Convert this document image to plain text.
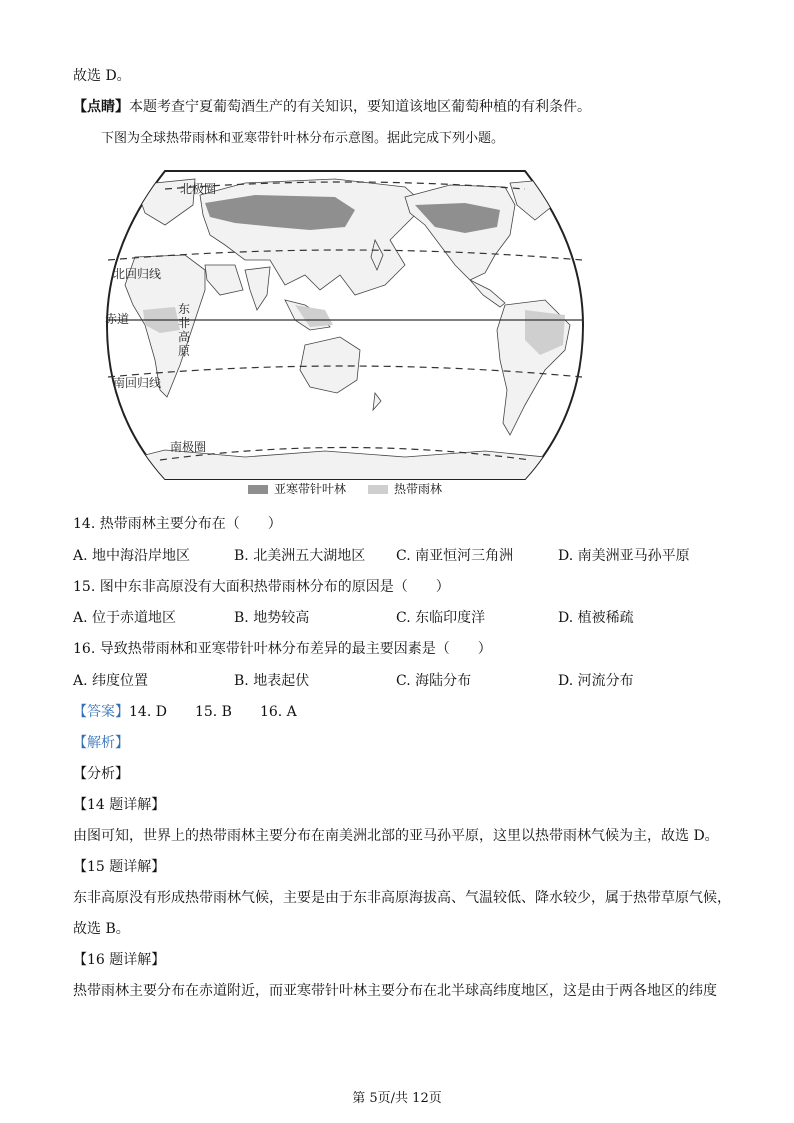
故选 D。
【点睛】本题考查宁夏葡萄酒生产的有关知识，要知道该地区葡萄种植的有利条件。
下图为全球热带雨林和亚寒带针叶林分布示意图。据此完成下列小题。
北极圈
北回归线
赤道
南回归线
南极圈
东
非
高
原
亚寒带针叶林	热带雨林
14. 热带雨林主要分布在（　　）
A. 地中海沿岸地区	B. 北美洲五大湖地区 C. 南亚恒河三角洲	D. 南美洲亚马孙平原
15. 图中东非高原没有大面积热带雨林分布的原因是（　　）
A. 位于赤道地区	B. 地势较高	C. 东临印度洋	D. 植被稀疏
16. 导致热带雨林和亚寒带针叶林分布差异的最主要因素是（　　）
A. 纬度位置	B. 地表起伏	C. 海陆分布	D. 河流分布
【答案】14. D 15. B 16. A
【解析】
【分析】
【14 题详解】
由图可知，世界上的热带雨林主要分布在南美洲北部的亚马孙平原，这里以热带雨林气候为主，故选 D。
【15 题详解】
东非高原没有形成热带雨林气候，主要是由于东非高原海拔高、气温较低、降水较少，属于热带草原气候，
故选 B。
【16 题详解】
热带雨林主要分布在赤道附近，而亚寒带针叶林主要分布在北半球高纬度地区，这是由于两各地区的纬度
第 5页/共 12页
